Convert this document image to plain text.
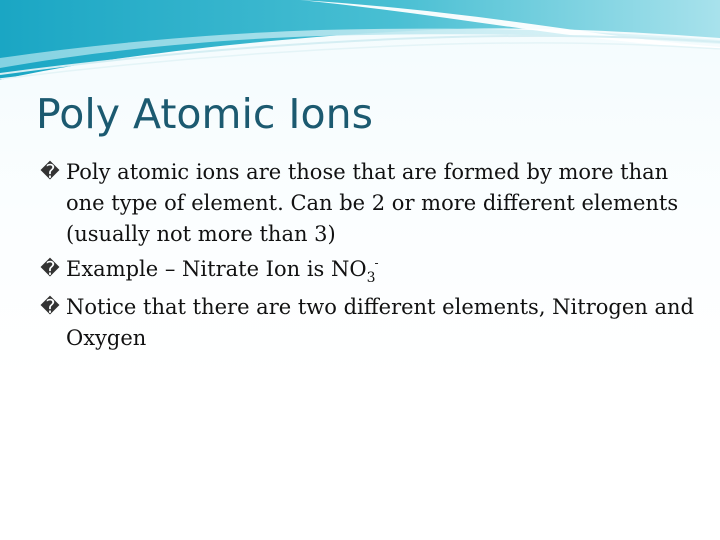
Poly Atomic Ions
� Poly atomic ions are those that are formed by more than one type of element. Can be 2 or more different elements (usually not more than 3)
� Example – Nitrate Ion is $NO_3^-$
� Notice that there are two different elements, Nitrogen and Oxygen
